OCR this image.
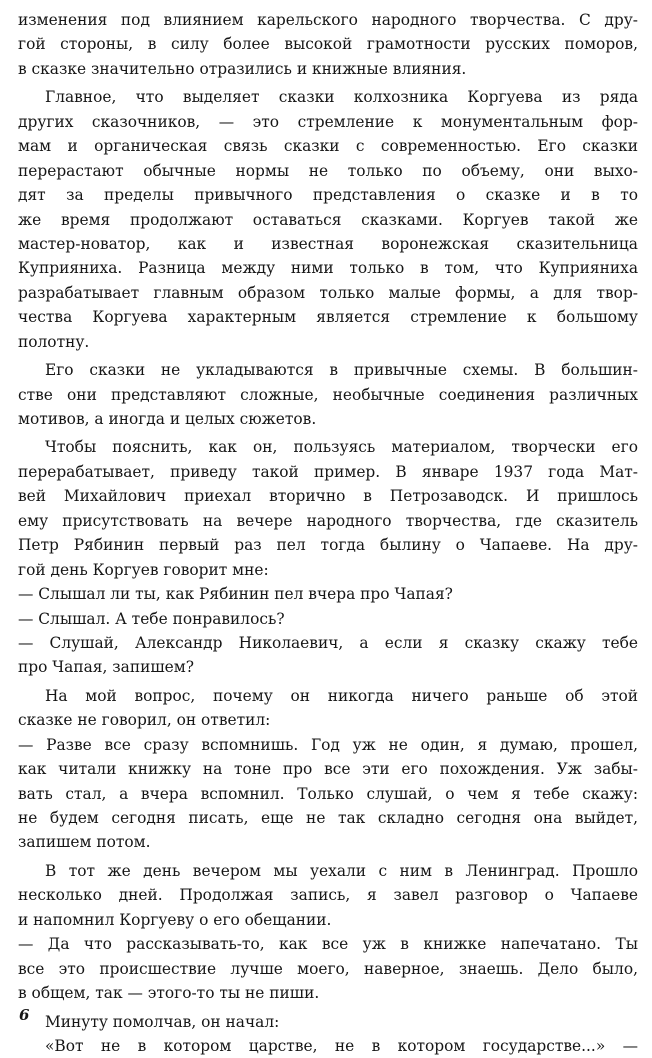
изменения под влиянием карельского народного творчества. С дру-
гой стороны, в силу более высокой грамотности русских поморов,
в сказке значительно отразились и книжные влияния.
Главное, что выделяет сказки колхозника Коргуева из ряда
других сказочников, — это стремление к монументальным фор-
мам и органическая связь сказки с современностью. Его сказки
перерастают обычные нормы не только по объему, они выхо-
дят за пределы привычного представления о сказке и в то
же время продолжают оставаться сказками. Коргуев такой же
мастер-новатор, как и известная воронежская сказительница
Куприяниха. Разница между ними только в том, что Куприяниха
разрабатывает главным образом только малые формы, а для твор-
чества Коргуева характерным является стремление к большому
полотну.
Его сказки не укладываются в привычные схемы. В большин-
стве они представляют сложные, необычные соединения различных
мотивов, а иногда и целых сюжетов.
Чтобы пояснить, как он, пользуясь материалом, творчески его
перерабатывает, приведу такой пример. В январе 1937 года Мат-
вей Михайлович приехал вторично в Петрозаводск. И пришлось
ему присутствовать на вечере народного творчества, где сказитель
Петр Рябинин первый раз пел тогда былину о Чапаеве. На дру-
гой день Коргуев говорит мне:
— Слышал ли ты, как Рябинин пел вчера про Чапая?
— Слышал. А тебе понравилось?
— Слушай, Александр Николаевич, а если я сказку скажу тебе
про Чапая, запишем?
На мой вопрос, почему он никогда ничего раньше об этой
сказке не говорил, он ответил:
— Разве все сразу вспомнишь. Год уж не один, я думаю, прошел,
как читали книжку на тоне про все эти его похождения. Уж забы-
вать стал, а вчера вспомнил. Только слушай, о чем я тебе скажу:
не будем сегодня писать, еще не так складно сегодня она выйдет,
запишем потом.
В тот же день вечером мы уехали с ним в Ленинград. Прошло
несколько дней. Продолжая запись, я завел разговор о Чапаеве
и напомнил Коргуеву о его обещании.
— Да что рассказывать-то, как все уж в книжке напечатано. Ты
все это происшествие лучше моего, наверное, знаешь. Дело было,
в общем, так — этого-то ты не пиши.
Минуту помолчав, он начал:
«Вот не в котором царстве, не в котором государстве...» —
6
